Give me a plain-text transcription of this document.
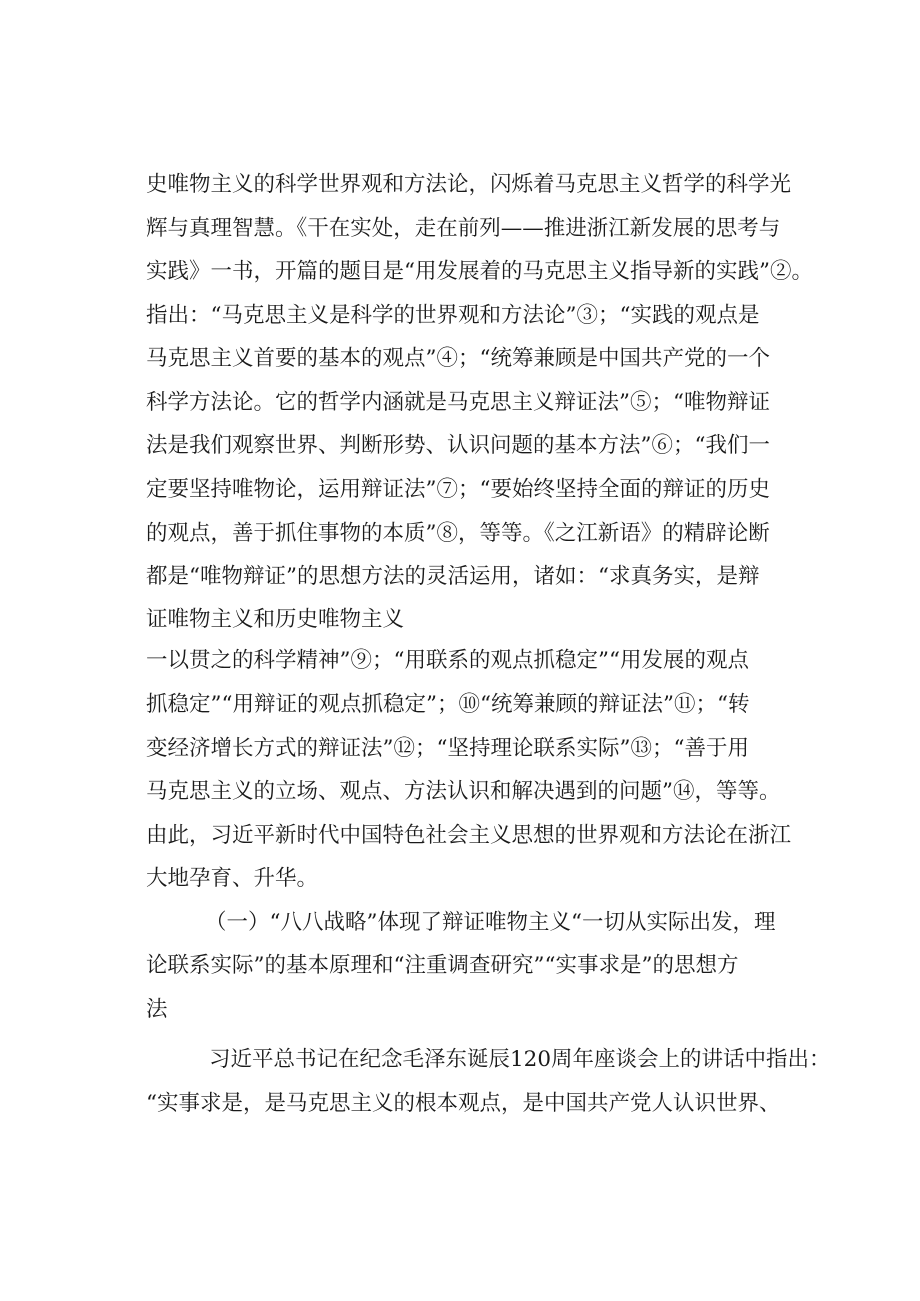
史唯物主义的科学世界观和方法论，闪烁着马克思主义哲学的科学光
辉与真理智慧。《干在实处，走在前列——推进浙江新发展的思考与
实践》一书，开篇的题目是“用发展着的马克思主义指导新的实践”②。
指出：“马克思主义是科学的世界观和方法论”③；“实践的观点是
马克思主义首要的基本的观点”④；“统筹兼顾是中国共产党的一个
科学方法论。它的哲学内涵就是马克思主义辩证法”⑤；“唯物辩证
法是我们观察世界、判断形势、认识问题的基本方法”⑥；“我们一
定要坚持唯物论，运用辩证法”⑦；“要始终坚持全面的辩证的历史
的观点，善于抓住事物的本质”⑧，等等。《之江新语》的精辟论断
都是“唯物辩证”的思想方法的灵活运用，诸如：“求真务实，是辩
证唯物主义和历史唯物主义
一以贯之的科学精神”⑨；“用联系的观点抓稳定”“用发展的观点
抓稳定”“用辩证的观点抓稳定”；⑩“统筹兼顾的辩证法”⑪；“转
变经济增长方式的辩证法”⑫；“坚持理论联系实际”⑬；“善于用
马克思主义的立场、观点、方法认识和解决遇到的问题”⑭，等等。
由此，习近平新时代中国特色社会主义思想的世界观和方法论在浙江
大地孕育、升华。
（一）“八八战略”体现了辩证唯物主义“一切从实际出发，理
论联系实际”的基本原理和“注重调查研究”“实事求是”的思想方
法
习近平总书记在纪念毛泽东诞辰120周年座谈会上的讲话中指出：
“实事求是，是马克思主义的根本观点，是中国共产党人认识世界、
